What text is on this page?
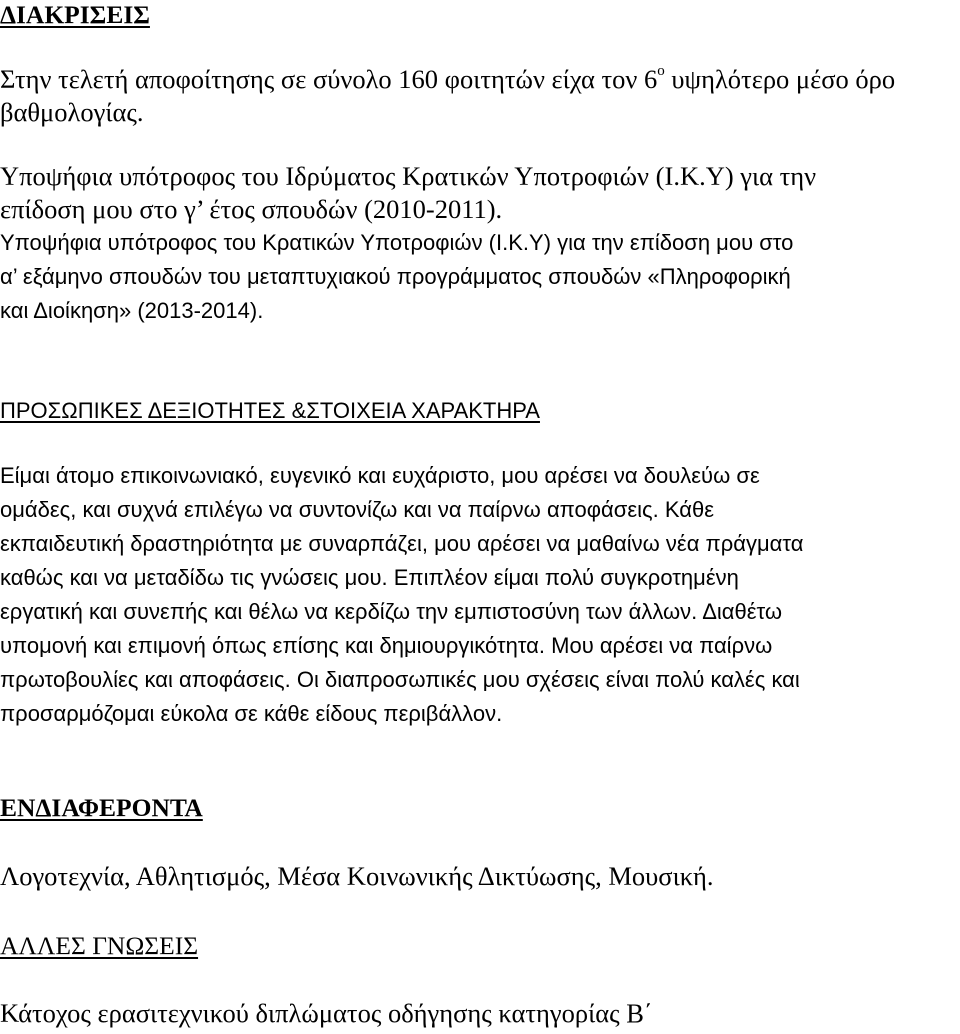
ΔΙΑΚΡΙΣΕΙΣ
Στην τελετή αποφοίτησης σε σύνολο 160 φοιτητών είχα τον $6^o$ υψηλότερο μέσο όρο
βαθμολογίας.
Υποψήφια υπότροφος του Ιδρύματος Κρατικών Υποτροφιών (Ι.Κ.Υ) για την
επίδοση μου στο γ’ έτος σπουδών (2010-2011).
Υποψήφια υπότροφος του Κρατικών Υποτροφιών (Ι.Κ.Υ) για την επίδοση μου στο
α’ εξάμηνο σπουδών του μεταπτυχιακού προγράμματος σπουδών «Πληροφορική
και Διοίκηση» (2013-2014).
ΠΡΟΣΩΠΙΚΕΣ ΔΕΞΙΟΤΗΤΕΣ &ΣΤΟΙΧΕΙΑ ΧΑΡΑΚΤΗΡΑ
Είμαι άτομο επικοινωνιακό, ευγενικό και ευχάριστο, μου αρέσει να δουλεύω σε
ομάδες, και συχνά επιλέγω να συντονίζω και να παίρνω αποφάσεις. Κάθε
εκπαιδευτική δραστηριότητα με συναρπάζει, μου αρέσει να μαθαίνω νέα πράγματα
καθώς και να μεταδίδω τις γνώσεις μου. Επιπλέον είμαι πολύ συγκροτημένη
εργατική και συνεπής και θέλω να κερδίζω την εμπιστοσύνη των άλλων. Διαθέτω
υπομονή και επιμονή όπως επίσης και δημιουργικότητα. Μου αρέσει να παίρνω
πρωτοβουλίες και αποφάσεις. Οι διαπροσωπικές μου σχέσεις είναι πολύ καλές και
προσαρμόζομαι εύκολα σε κάθε είδους περιβάλλον.
ΕΝΔΙΑΦΕΡΟΝΤΑ
Λογοτεχνία, Αθλητισμός, Μέσα Κοινωνικής Δικτύωσης, Μουσική.
ΑΛΛΕΣ ΓΝΩΣΕΙΣ
Κάτοχος ερασιτεχνικού διπλώματος οδήγησης κατηγορίας Β΄
